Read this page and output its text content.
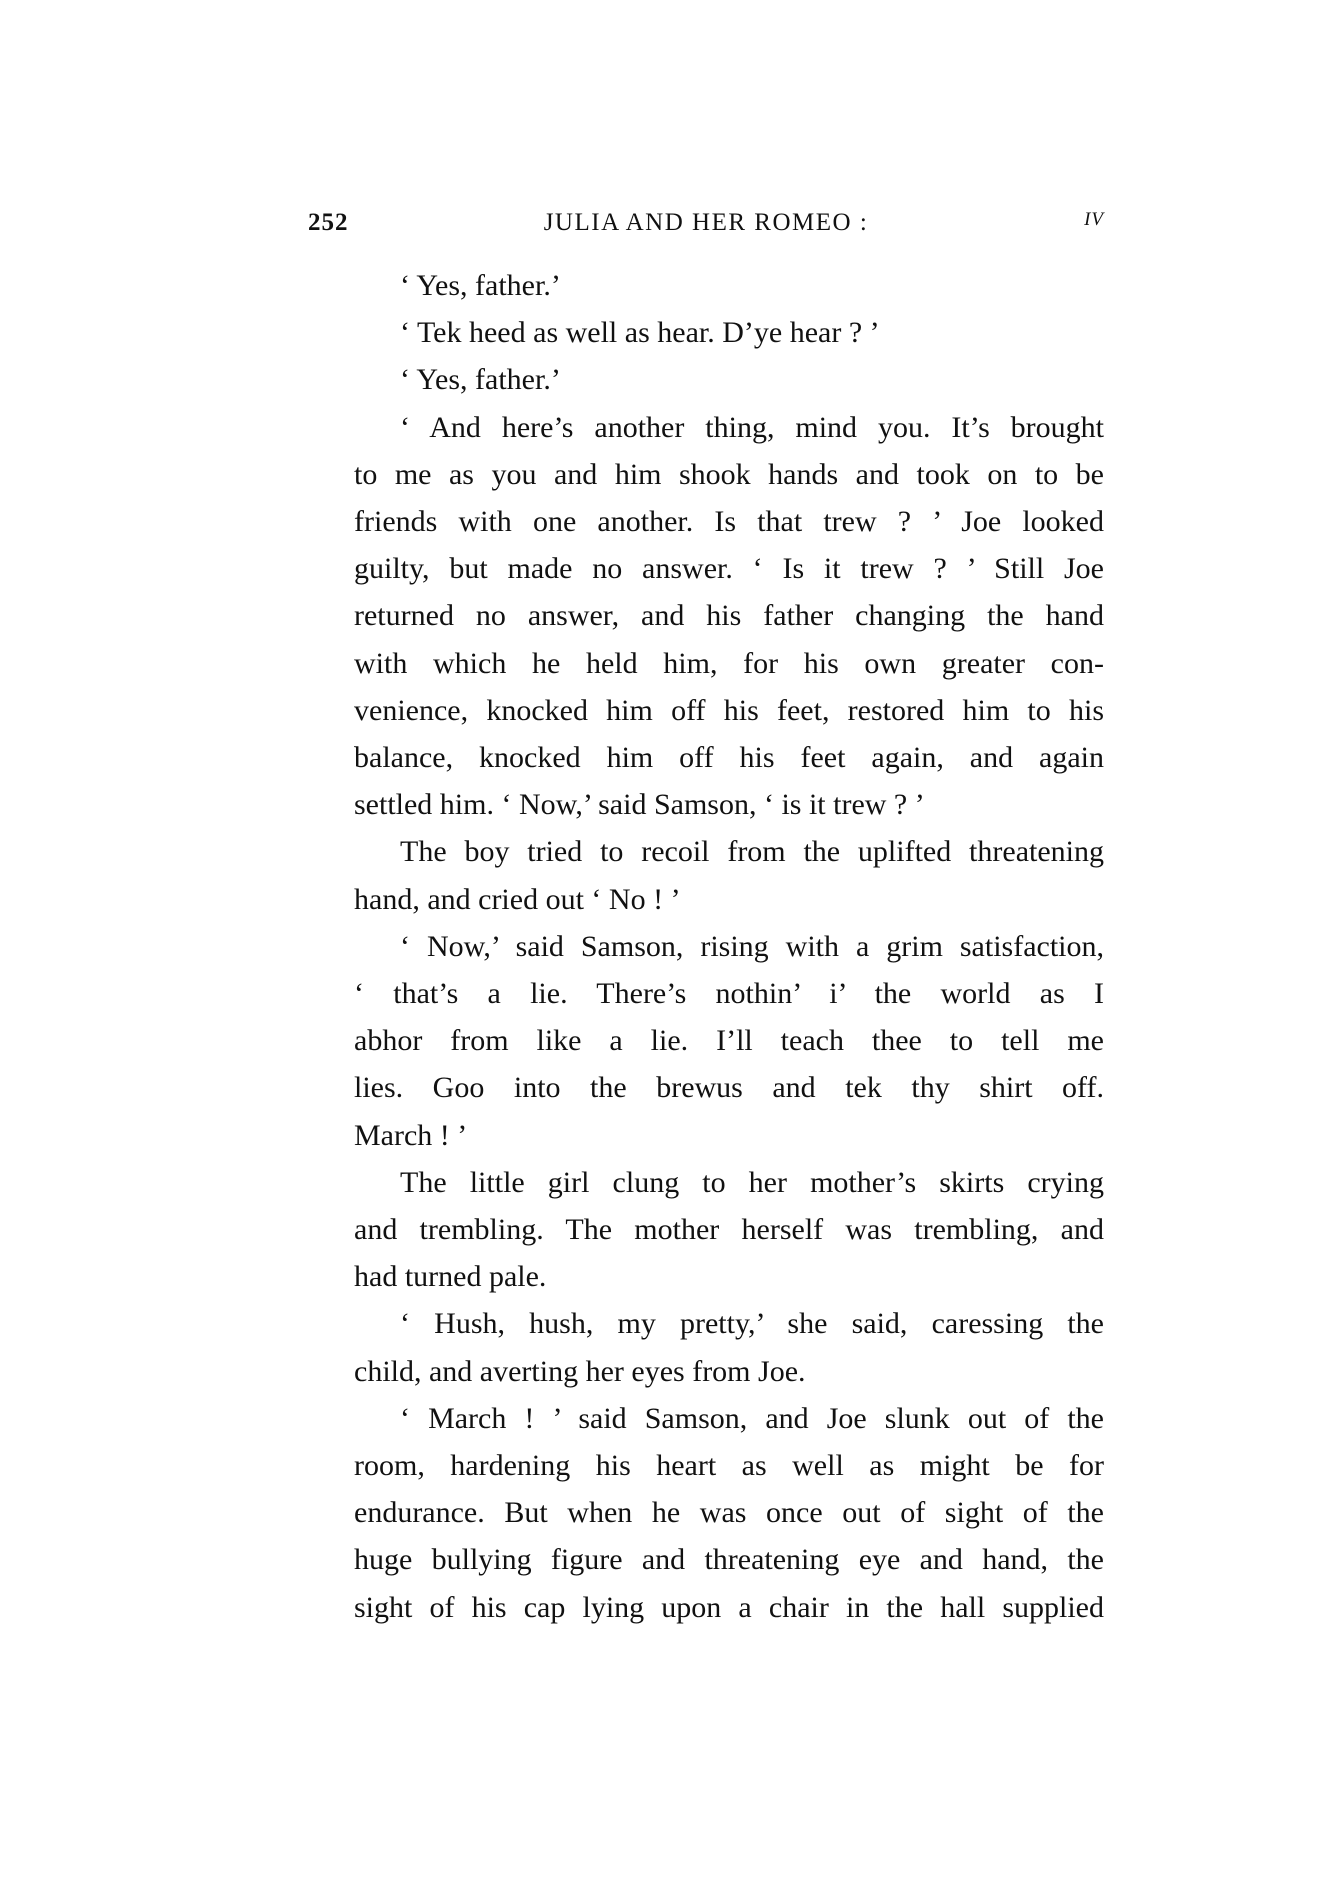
252	JULIA AND HER ROMEO :	IV

‘ Yes, father.’

‘ Tek heed as well as hear. D’ye hear ? ’

‘ Yes, father.’

‘ And here’s another thing, mind you. It’s brought
to me as you and him shook hands and took on to be
friends with one another. Is that trew ? ’ Joe looked
guilty, but made no answer. ‘ Is it trew ? ’ Still Joe
returned no answer, and his father changing the hand
with which he held him, for his own greater con-
venience, knocked him off his feet, restored him to his
balance, knocked him off his feet again, and again
settled him. ‘ Now,’ said Samson, ‘ is it trew ? ’

The boy tried to recoil from the uplifted threatening
hand, and cried out ‘ No ! ’

‘ Now,’ said Samson, rising with a grim satisfaction,
‘ that’s a lie. There’s nothin’ i’ the world as I
abhor from like a lie. I’ll teach thee to tell me
lies. Goo into the brewus and tek thy shirt off.
March ! ’

The little girl clung to her mother’s skirts crying
and trembling. The mother herself was trembling, and
had turned pale.

‘ Hush, hush, my pretty,’ she said, caressing the
child, and averting her eyes from Joe.

‘ March ! ’ said Samson, and Joe slunk out of the
room, hardening his heart as well as might be for
endurance. But when he was once out of sight of the
huge bullying figure and threatening eye and hand, the
sight of his cap lying upon a chair in the hall supplied
